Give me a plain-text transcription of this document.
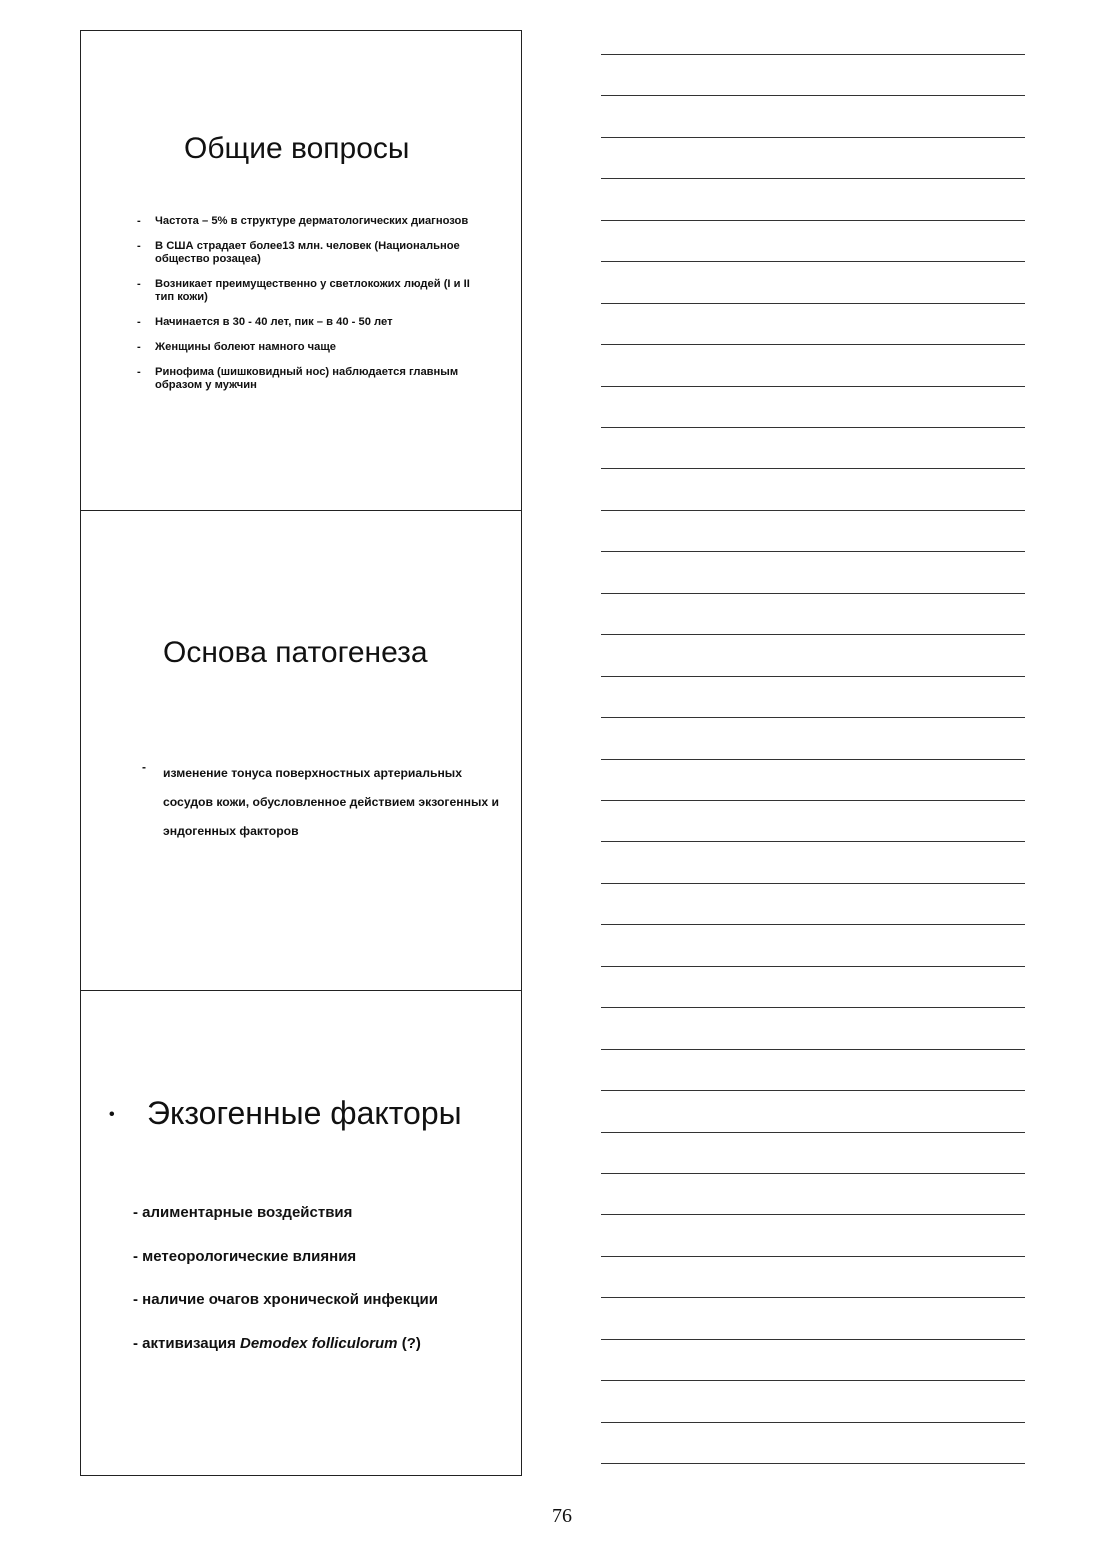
Общие вопросы
- Частота – 5% в структуре дерматологических диагнозов
- В США страдает более13 млн. человек (Национальное общество розацеа)
- Возникает преимущественно у светлокожих людей (I и II тип кожи)
- Начинается в 30 - 40 лет, пик – в 40 - 50 лет
- Женщины болеют намного чаще
- Ринофима (шишковидный нос) наблюдается главным образом у мужчин
Основа патогенеза
- изменение тонуса поверхностных артериальных сосудов кожи, обусловленное действием экзогенных и эндогенных факторов

• Экзогенные факторы
- алиментарные воздействия
- метеорологические влияния
- наличие очагов хронической инфекции
- активизация Demodex folliculorum (?)
76
